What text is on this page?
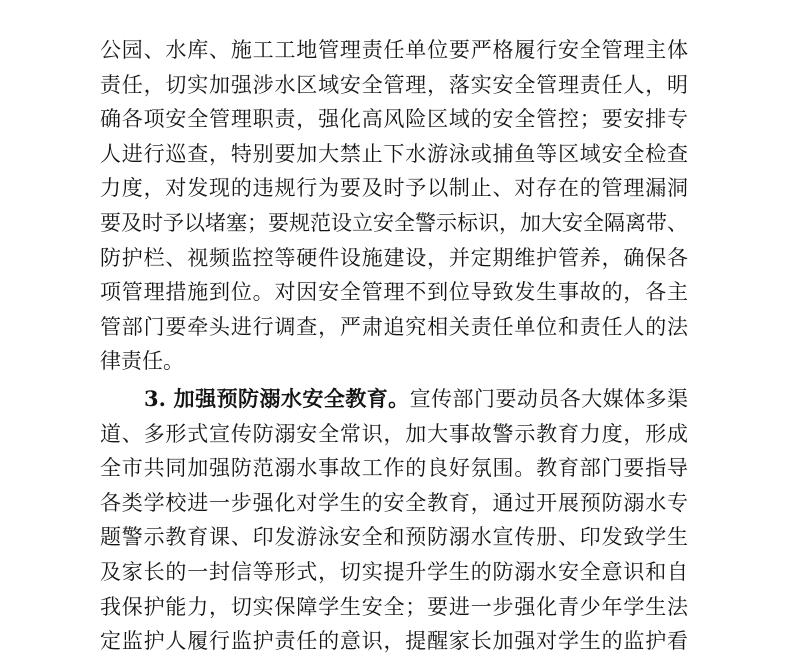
公园、水库、施工工地管理责任单位要严格履行安全管理主体
责任，切实加强涉水区域安全管理，落实安全管理责任人，明
确各项安全管理职责，强化高风险区域的安全管控；要安排专
人进行巡查，特别要加大禁止下水游泳或捕鱼等区域安全检查
力度，对发现的违规行为要及时予以制止、对存在的管理漏洞
要及时予以堵塞；要规范设立安全警示标识，加大安全隔离带、
防护栏、视频监控等硬件设施建设，并定期维护管养，确保各
项管理措施到位。对因安全管理不到位导致发生事故的，各主
管部门要牵头进行调查，严肃追究相关责任单位和责任人的法
律责任。
3. 加强预防溺水安全教育。宣传部门要动员各大媒体多渠
道、多形式宣传防溺安全常识，加大事故警示教育力度，形成
全市共同加强防范溺水事故工作的良好氛围。教育部门要指导
各类学校进一步强化对学生的安全教育，通过开展预防溺水专
题警示教育课、印发游泳安全和预防溺水宣传册、印发致学生
及家长的一封信等形式，切实提升学生的防溺水安全意识和自
我保护能力，切实保障学生安全；要进一步强化青少年学生法
定监护人履行监护责任的意识，提醒家长加强对学生的监护看
